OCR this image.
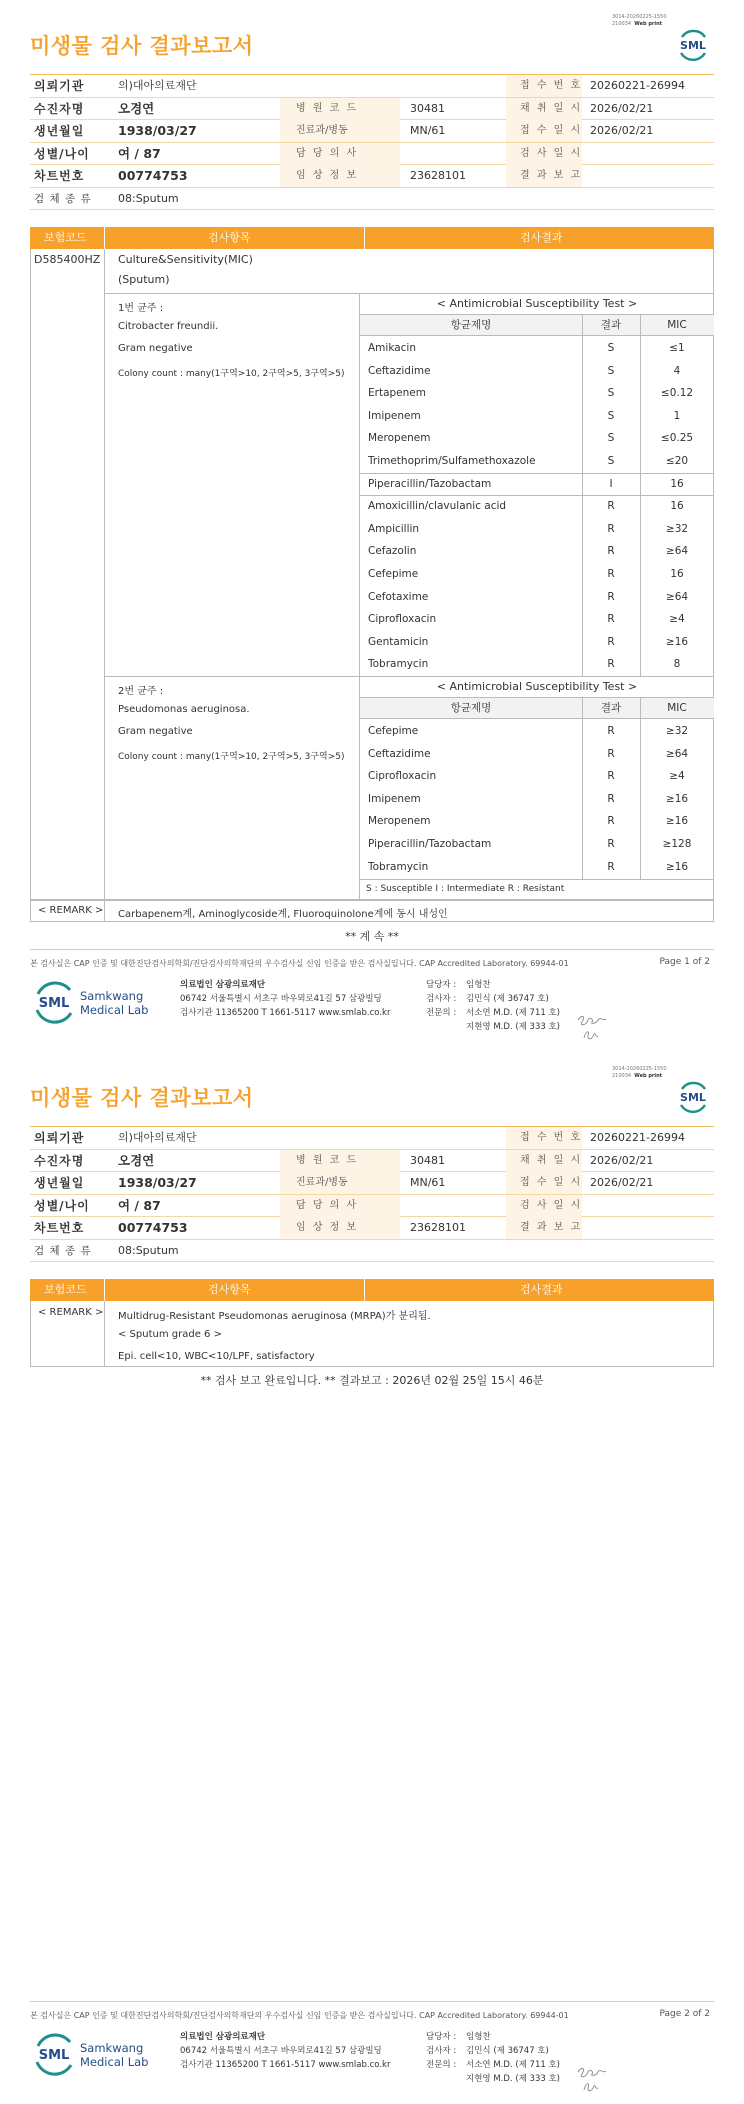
3014-20260225-1550
210034 Web print
SML
미생물 검사 결과보고서
의뢰기관	의)대아의료재단	접 수 번 호 20260221-26994
수진자명	오경연	병 원 코 드	30481	채 취 일 시 2026/02/21
생년월일	1938/03/27	진료과/병동	MN/61	접 수 일 시 2026/02/21
성별/나이 여 / 87	담 당 의 사	검 사 일 시
차트번호	00774753	임 상 정 보	23628101	결 과 보 고
검 체 종 류 08:Sputum
보험코드	검사항목	검사결과
D585400HZ Culture&Sensitivity(MIC)
(Sputum)
1번 균주 :
Citrobacter freundii.
Gram negative
Colony count : many(1구역>10, 2구역>5, 3구역>5)
< Antimicrobial Susceptibility Test >
항균제명	결과	MIC
Amikacin	S	≤1
Ceftazidime	S	4
Ertapenem	S	≤0.12
Imipenem	S	1
Meropenem	S	≤0.25
Trimethoprim/Sulfamethoxazole	S	≤20
Piperacillin/Tazobactam	I	16
Amoxicillin/clavulanic acid	R	16
Ampicillin	R	≥32
Cefazolin	R	≥64
Cefepime	R	16
Cefotaxime	R	≥64
Ciprofloxacin	R	≥4
Gentamicin	R	≥16
Tobramycin	R	8
2번 균주 :
Pseudomonas aeruginosa.
Gram negative
Colony count : many(1구역>10, 2구역>5, 3구역>5)
< Antimicrobial Susceptibility Test >
항균제명	결과	MIC
Cefepime	R	≥32
Ceftazidime	R	≥64
Ciprofloxacin	R	≥4
Imipenem	R	≥16
Meropenem	R	≥16
Piperacillin/Tazobactam	R	≥128
Tobramycin	R	≥16
S : Susceptible I : Intermediate R : Resistant
< REMARK > Carbapenem계, Aminoglycoside계, Fluoroquinolone계에 동시 내성인
** 계 속 **
본 검사실은 CAP 인증 및 대한진단검사의학회/진단검사의학재단의 우수검사실 신임 인증을 받은 검사실입니다. CAP Accredited Laboratory. 69944-01	Page 1 of 2
SML Samkwang
Medical Lab
의료법인 삼광의료재단
06742 서울특별시 서초구 바우뫼로41길 57 삼광빌딩
검사기관 11365200 T 1661-5117 www.smlab.co.kr
담당자 : 임형찬
검사자 : 김민식 (제 36747 호)
전문의 : 서소연 M.D. (제 711 호)
지현영 M.D. (제 333 호)
3014-20260225-1550
210034 Web print
SML
미생물 검사 결과보고서
의뢰기관	의)대아의료재단	접 수 번 호 20260221-26994
수진자명	오경연	병 원 코 드	30481	채 취 일 시 2026/02/21
생년월일	1938/03/27	진료과/병동	MN/61	접 수 일 시 2026/02/21
성별/나이 여 / 87	담 당 의 사	검 사 일 시
차트번호	00774753	임 상 정 보	23628101	결 과 보 고
검 체 종 류 08:Sputum
보험코드	검사항목	검사결과
< REMARK > Multidrug-Resistant Pseudomonas aeruginosa (MRPA)가 분리됨.
< Sputum grade 6 >
Epi. cell<10, WBC<10/LPF, satisfactory
** 검사 보고 완료입니다. ** 결과보고 : 2026년 02월 25일 15시 46분
본 검사실은 CAP 인증 및 대한진단검사의학회/진단검사의학재단의 우수검사실 신임 인증을 받은 검사실입니다. CAP Accredited Laboratory. 69944-01	Page 2 of 2
SML Samkwang
Medical Lab
의료법인 삼광의료재단
06742 서울특별시 서초구 바우뫼로41길 57 삼광빌딩
검사기관 11365200 T 1661-5117 www.smlab.co.kr
담당자 : 임형찬
검사자 : 김민식 (제 36747 호)
전문의 : 서소연 M.D. (제 711 호)
지현영 M.D. (제 333 호)
